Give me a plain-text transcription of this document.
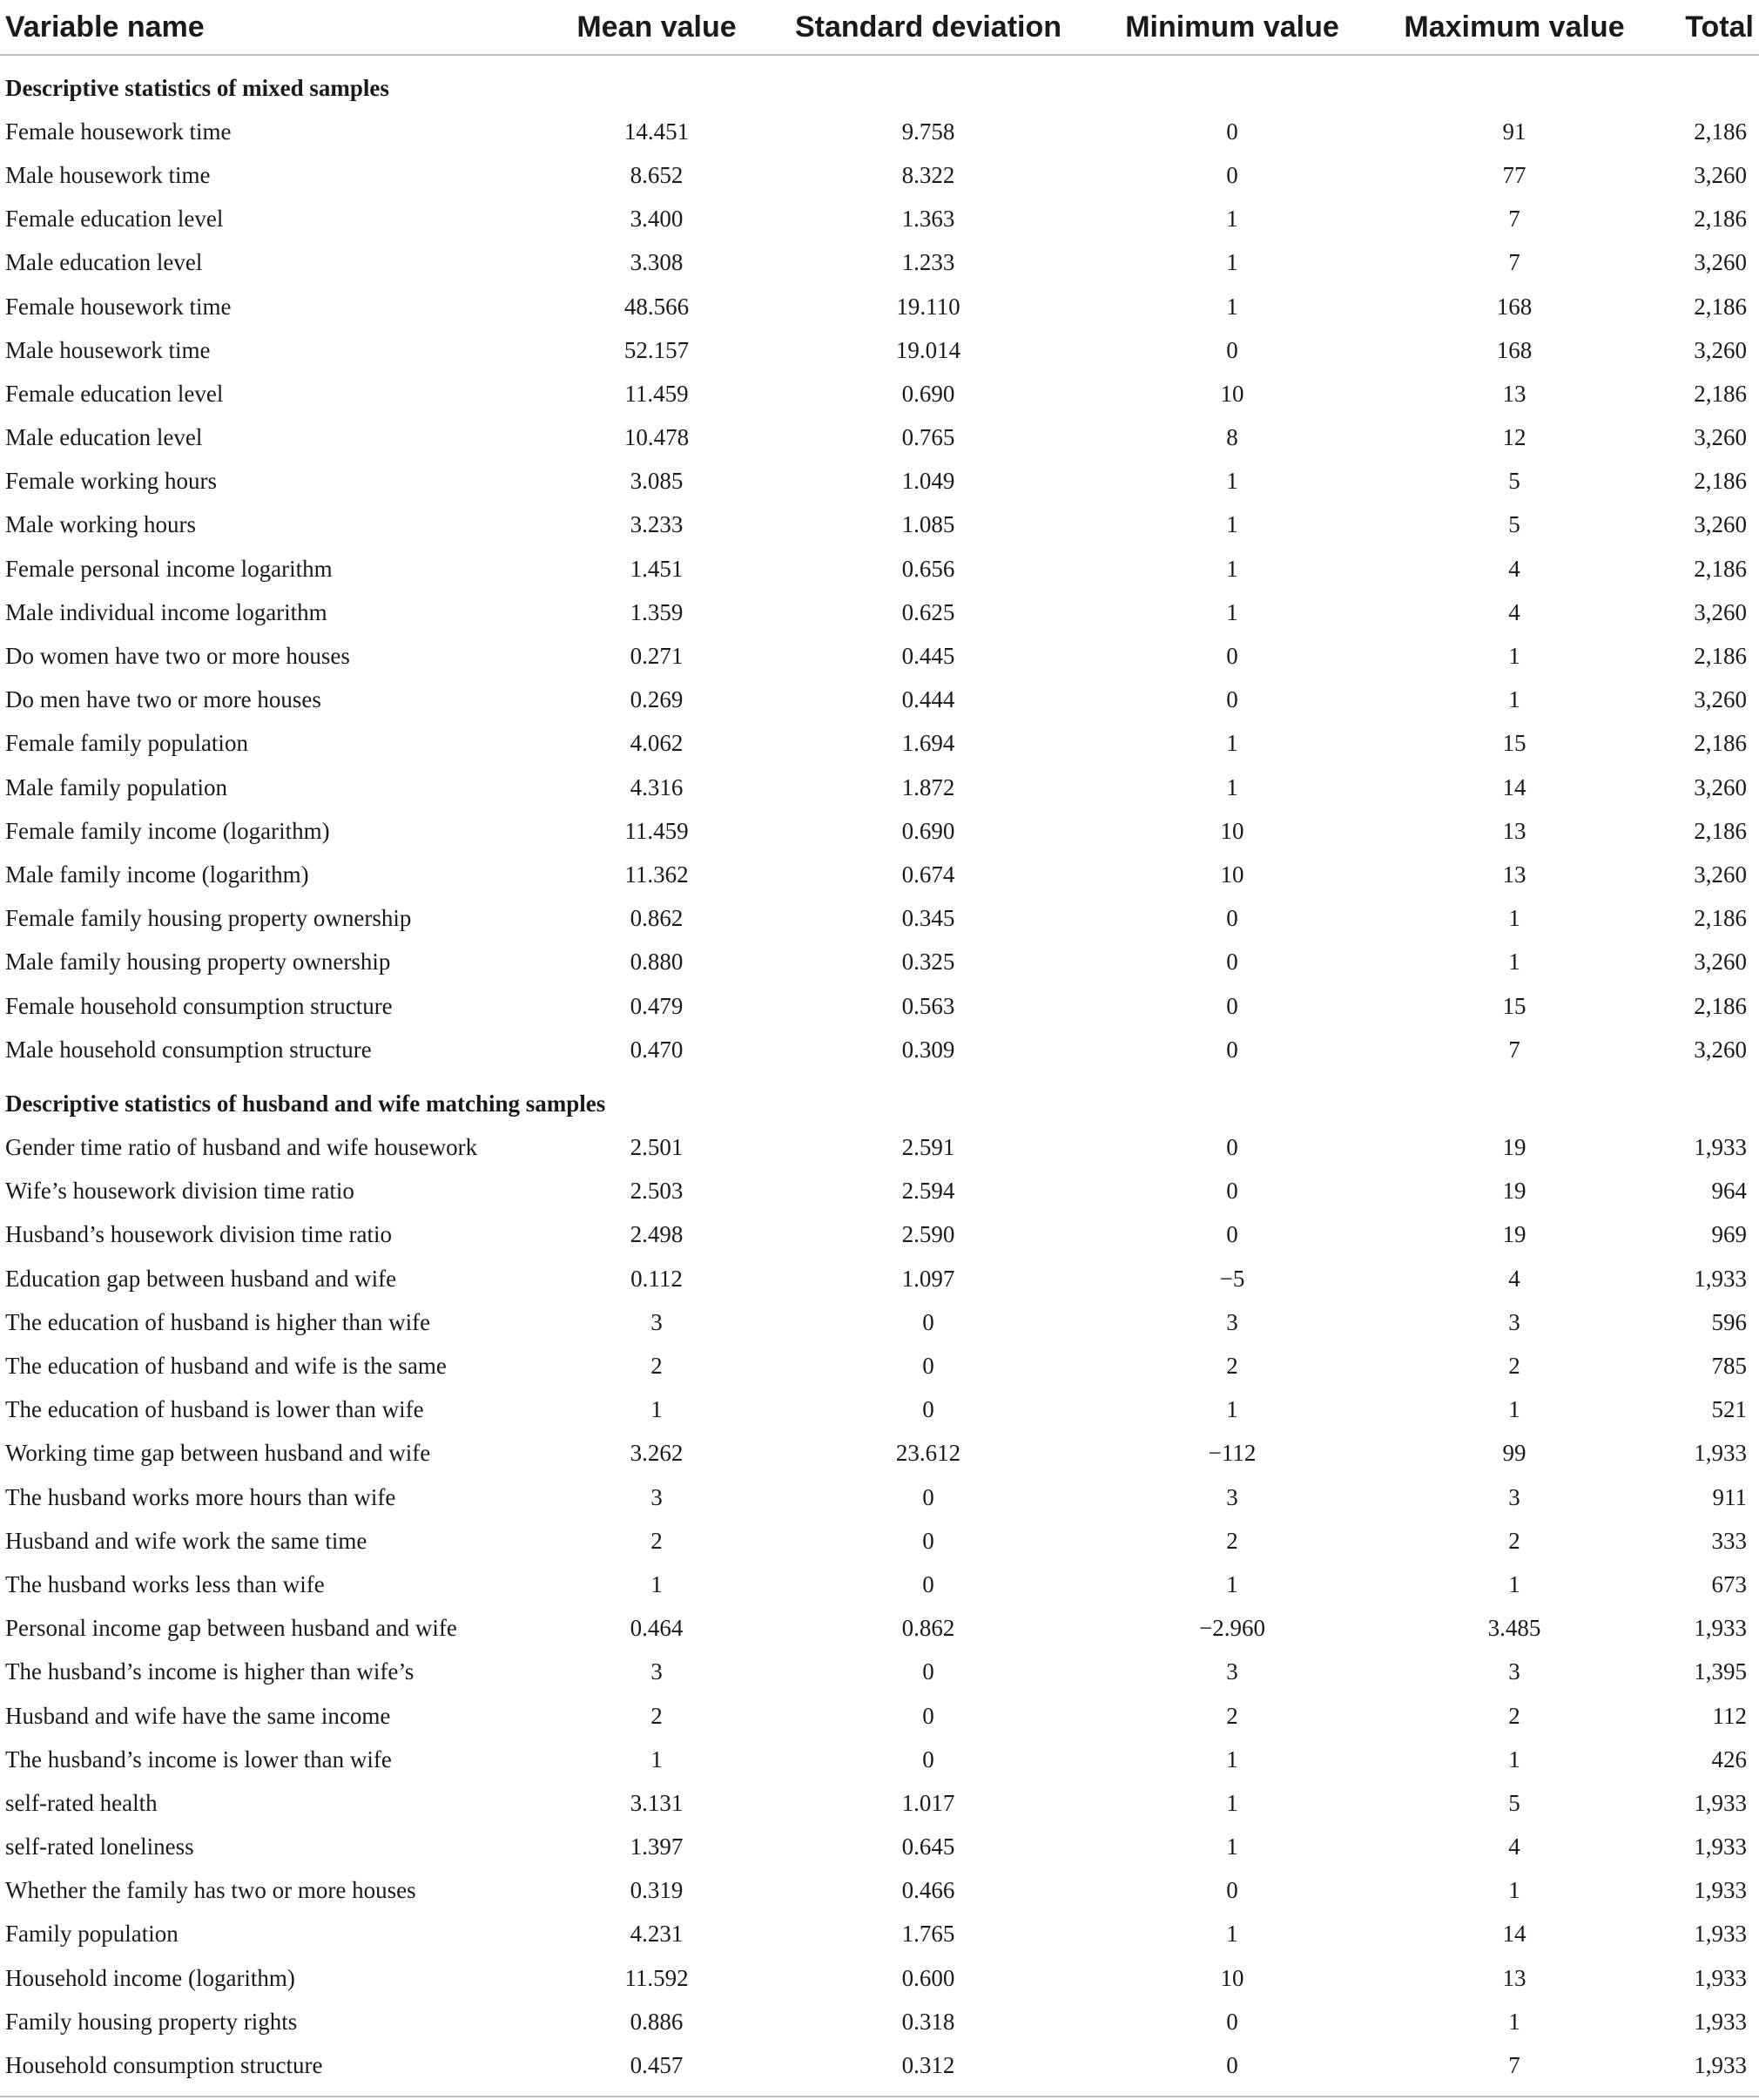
Variable name	Mean value	Standard deviation	Minimum value	Maximum value	Total

Descriptive statistics of mixed samples					
Female housework time	14.451	9.758	0	91	2,186
Male housework time	8.652	8.322	0	77	3,260
Female education level	3.400	1.363	1	7	2,186
Male education level	3.308	1.233	1	7	3,260
Female housework time	48.566	19.110	1	168	2,186
Male housework time	52.157	19.014	0	168	3,260
Female education level	11.459	0.690	10	13	2,186
Male education level	10.478	0.765	8	12	3,260
Female working hours	3.085	1.049	1	5	2,186
Male working hours	3.233	1.085	1	5	3,260
Female personal income logarithm	1.451	0.656	1	4	2,186
Male individual income logarithm	1.359	0.625	1	4	3,260
Do women have two or more houses	0.271	0.445	0	1	2,186
Do men have two or more houses	0.269	0.444	0	1	3,260
Female family population	4.062	1.694	1	15	2,186
Male family population	4.316	1.872	1	14	3,260
Female family income (logarithm)	11.459	0.690	10	13	2,186
Male family income (logarithm)	11.362	0.674	10	13	3,260
Female family housing property ownership	0.862	0.345	0	1	2,186
Male family housing property ownership	0.880	0.325	0	1	3,260
Female household consumption structure	0.479	0.563	0	15	2,186
Male household consumption structure	0.470	0.309	0	7	3,260

Descriptive statistics of husband and wife matching samples					
Gender time ratio of husband and wife housework	2.501	2.591	0	19	1,933
Wife’s housework division time ratio	2.503	2.594	0	19	964
Husband’s housework division time ratio	2.498	2.590	0	19	969
Education gap between husband and wife	0.112	1.097	−5	4	1,933
The education of husband is higher than wife	3	0	3	3	596
The education of husband and wife is the same	2	0	2	2	785
The education of husband is lower than wife	1	0	1	1	521
Working time gap between husband and wife	3.262	23.612	−112	99	1,933
The husband works more hours than wife	3	0	3	3	911
Husband and wife work the same time	2	0	2	2	333
The husband works less than wife	1	0	1	1	673
Personal income gap between husband and wife	0.464	0.862	−2.960	3.485	1,933
The husband’s income is higher than wife’s	3	0	3	3	1,395
Husband and wife have the same income	2	0	2	2	112
The husband’s income is lower than wife	1	0	1	1	426
self-rated health	3.131	1.017	1	5	1,933
self-rated loneliness	1.397	0.645	1	4	1,933
Whether the family has two or more houses	0.319	0.466	0	1	1,933
Family population	4.231	1.765	1	14	1,933
Household income (logarithm)	11.592	0.600	10	13	1,933
Family housing property rights	0.886	0.318	0	1	1,933
Household consumption structure	0.457	0.312	0	7	1,933
